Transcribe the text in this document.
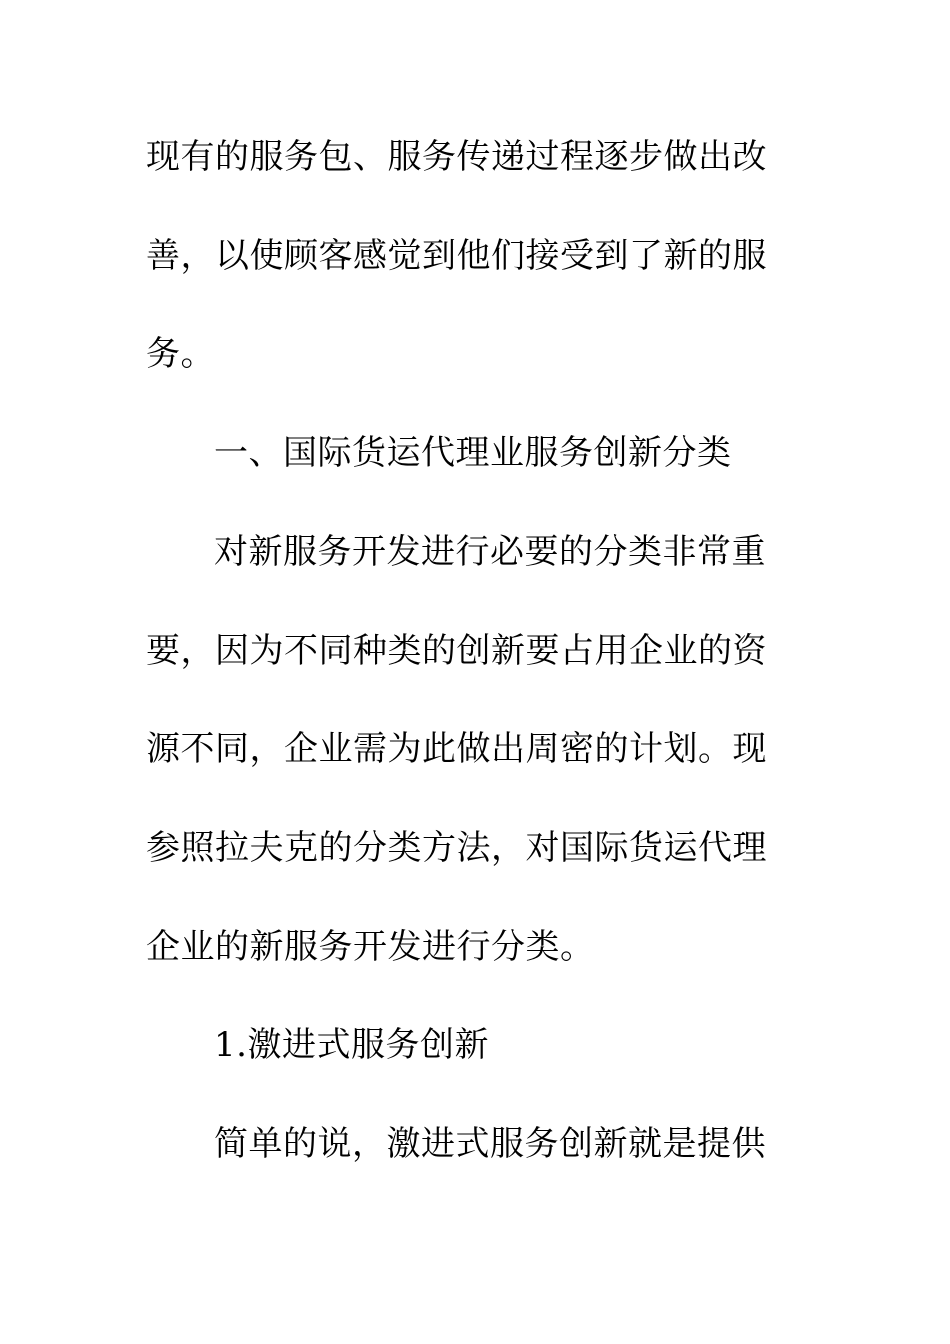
现有的服务包、服务传递过程逐步做出改善，以使顾客感觉到他们接受到了新的服务。

一、国际货运代理业服务创新分类

对新服务开发进行必要的分类非常重要，因为不同种类的创新要占用企业的资源不同，企业需为此做出周密的计划。现参照拉夫克的分类方法，对国际货运代理企业的新服务开发进行分类。

1.激进式服务创新

简单的说，激进式服务创新就是提供
